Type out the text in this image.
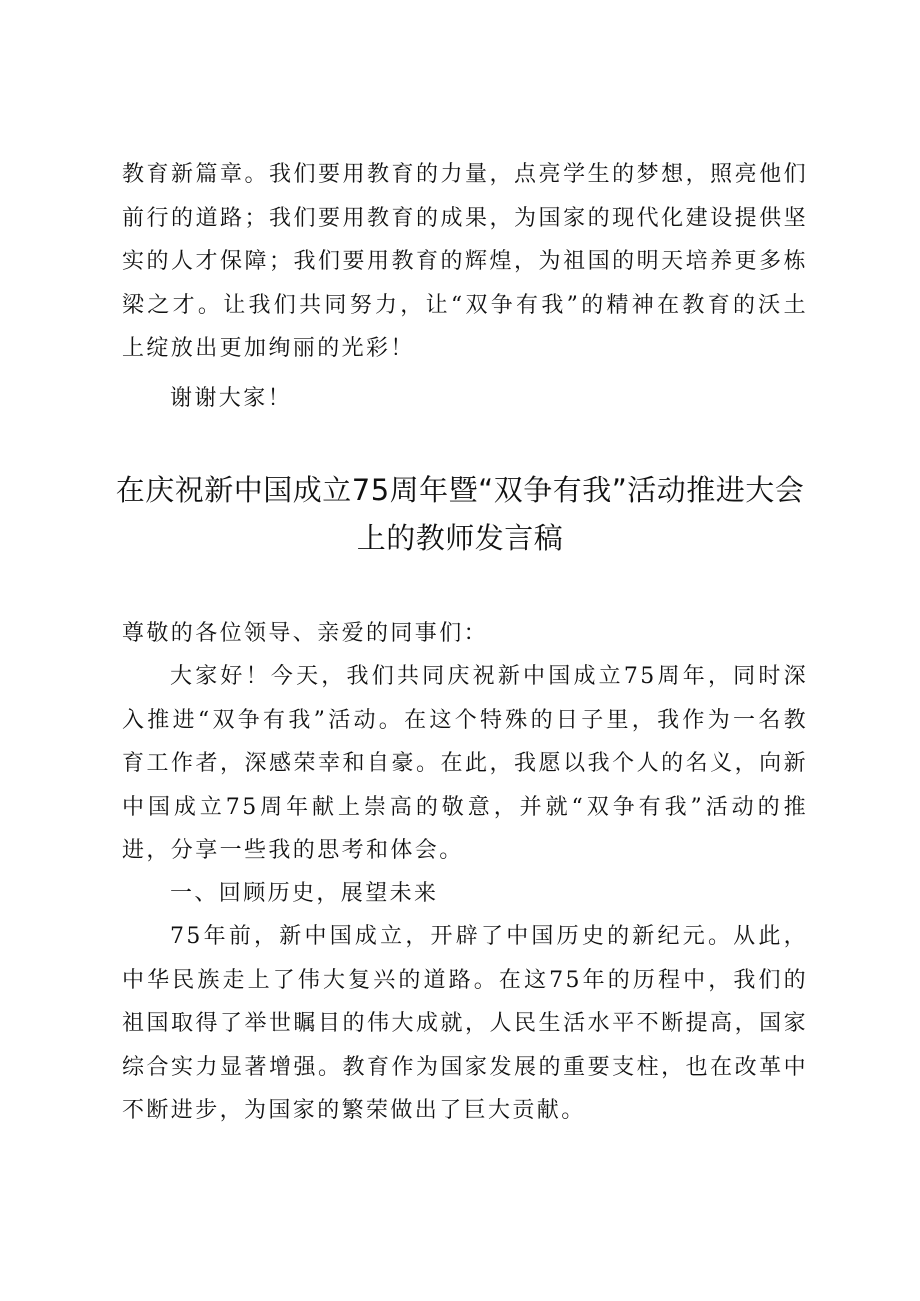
教育新篇章。我们要用教育的力量，点亮学生的梦想，照亮他们前行的道路；我们要用教育的成果，为国家的现代化建设提供坚实的人才保障；我们要用教育的辉煌，为祖国的明天培养更多栋梁之才。让我们共同努力，让“双争有我”的精神在教育的沃土上绽放出更加绚丽的光彩！

谢谢大家！

在庆祝新中国成立75周年暨“双争有我”活动推进大会
上的教师发言稿

尊敬的各位领导、亲爱的同事们：

大家好！今天，我们共同庆祝新中国成立75周年，同时深入推进“双争有我”活动。在这个特殊的日子里，我作为一名教育工作者，深感荣幸和自豪。在此，我愿以我个人的名义，向新中国成立75周年献上崇高的敬意，并就“双争有我”活动的推进，分享一些我的思考和体会。

一、回顾历史，展望未来

75年前，新中国成立，开辟了中国历史的新纪元。从此，中华民族走上了伟大复兴的道路。在这75年的历程中，我们的祖国取得了举世瞩目的伟大成就，人民生活水平不断提高，国家综合实力显著增强。教育作为国家发展的重要支柱，也在改革中不断进步，为国家的繁荣做出了巨大贡献。
